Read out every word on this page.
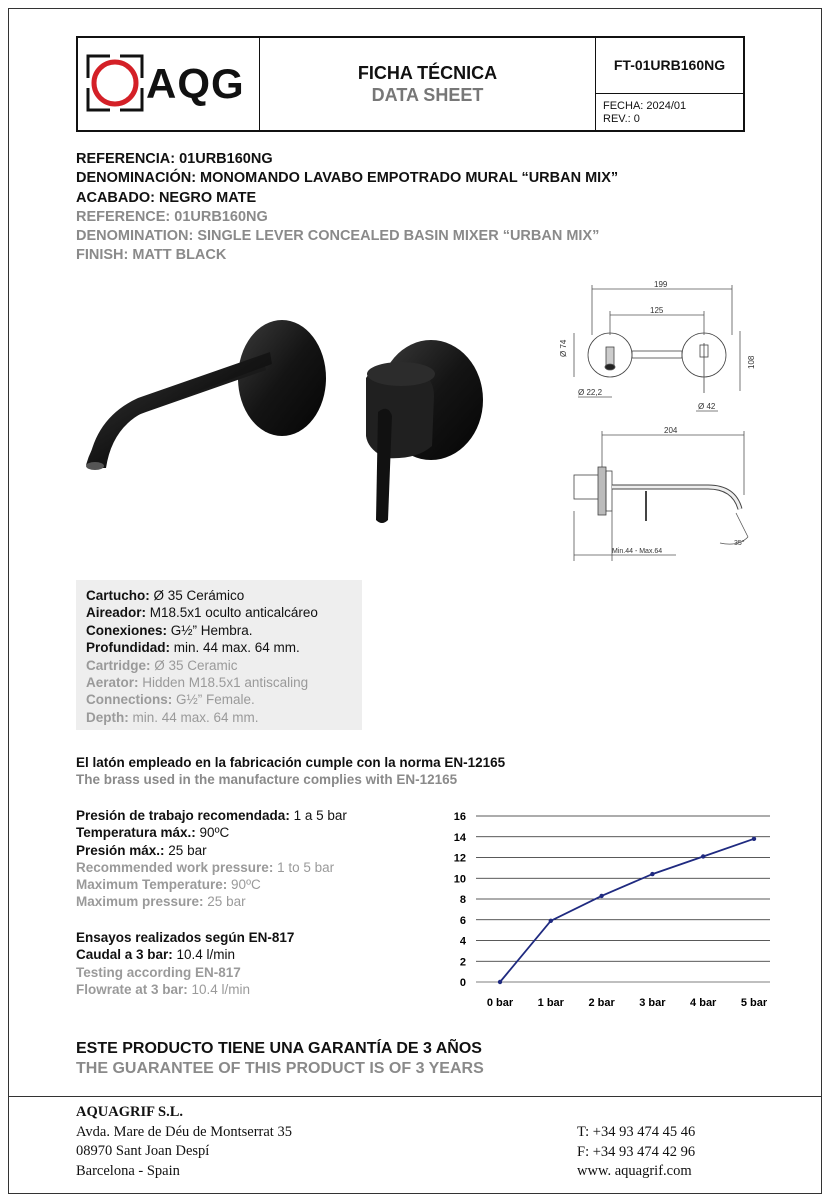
AQG	FICHA TÉCNICA
DATA SHEET
FT-01URB160NG
FECHA: 2024/01
REV.: 0
REFERENCIA: 01URB160NG
DENOMINACIÓN: MONOMANDO LAVABO EMPOTRADO MURAL “URBAN MIX”
ACABADO: NEGRO MATE
REFERENCE: 01URB160NG
DENOMINATION: SINGLE LEVER CONCEALED BASIN MIXER “URBAN MIX”
FINISH: MATT BLACK
199
125
Ø 74
108
Ø 22,2
Ø 42
204
Min.44 - Max.64
35°
Cartucho: Ø 35 Cerámico
Aireador: M18.5x1 oculto anticalcáreo
Conexiones: G½” Hembra.
Profundidad: min. 44 max. 64 mm.
Cartridge: Ø 35 Ceramic
Aerator: Hidden M18.5x1 antiscaling
Connections: G½” Female.
Depth: min. 44 max. 64 mm.
El latón empleado en la fabricación cumple con la norma EN-12165
The brass used in the manufacture complies with EN-12165
Presión de trabajo recomendada: 1 a 5 bar
Temperatura máx.: 90ºC
Presión máx.: 25 bar
Recommended work pressure: 1 to 5 bar
Maximum Temperature: 90ºC
Maximum pressure: 25 bar
Ensayos realizados según EN-817
Caudal a 3 bar: 10.4 l/min
Testing according EN-817
Flowrate at 3 bar: 10.4 l/min	0
2
4
6
8
10
12
14
16
0 bar 1 bar 2 bar 3 bar 4 bar 5 bar
ESTE PRODUCTO TIENE UNA GARANTÍA DE 3 AÑOS
THE GUARANTEE OF THIS PRODUCT IS OF 3 YEARS
AQUAGRIF S.L.
Avda. Mare de Déu de Montserrat 35
08970 Sant Joan Despí
Barcelona - Spain
T: +34 93 474 45 46
F: +34 93 474 42 96
www. aquagrif.com
